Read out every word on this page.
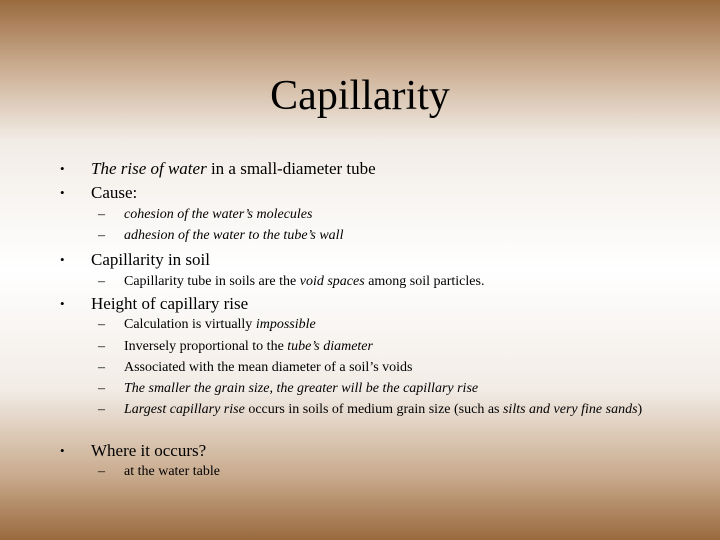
Capillarity
• The rise of water in a small-diameter tube
• Cause:
– cohesion of the water’s molecules
– adhesion of the water to the tube’s wall
• Capillarity in soil
– Capillarity tube in soils are the void spaces among soil particles.
• Height of capillary rise
– Calculation is virtually impossible
– Inversely proportional to the tube’s diameter
– Associated with the mean diameter of a soil’s voids
– The smaller the grain size, the greater will be the capillary rise
– Largest capillary rise occurs in soils of medium grain size (such as silts and very fine sands)
• Where it occurs?
– at the water table
